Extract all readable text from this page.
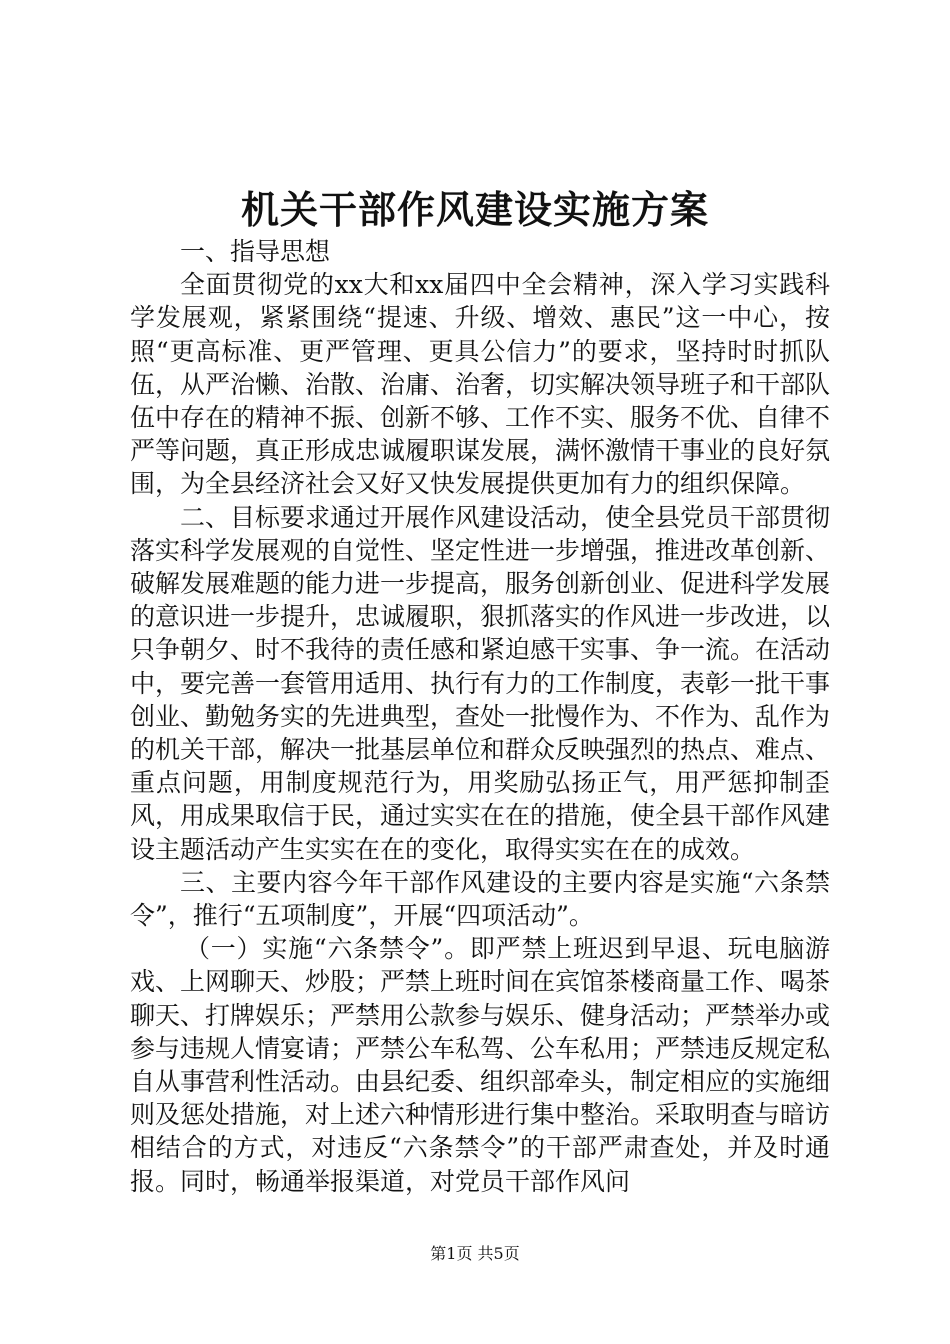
机关干部作风建设实施方案

一、指导思想

全面贯彻党的xx大和xx届四中全会精神，深入学习实践科学发展观，紧紧围绕“提速、升级、增效、惠民”这一中心，按照“更高标准、更严管理、更具公信力”的要求，坚持时时抓队伍，从严治懒、治散、治庸、治奢，切实解决领导班子和干部队伍中存在的精神不振、创新不够、工作不实、服务不优、自律不严等问题，真正形成忠诚履职谋发展，满怀激情干事业的良好氛围，为全县经济社会又好又快发展提供更加有力的组织保障。

二、目标要求通过开展作风建设活动，使全县党员干部贯彻落实科学发展观的自觉性、坚定性进一步增强，推进改革创新、破解发展难题的能力进一步提高，服务创新创业、促进科学发展的意识进一步提升，忠诚履职，狠抓落实的作风进一步改进，以只争朝夕、时不我待的责任感和紧迫感干实事、争一流。在活动中，要完善一套管用适用、执行有力的工作制度，表彰一批干事创业、勤勉务实的先进典型，查处一批慢作为、不作为、乱作为的机关干部，解决一批基层单位和群众反映强烈的热点、难点、重点问题，用制度规范行为，用奖励弘扬正气，用严惩抑制歪风，用成果取信于民，通过实实在在的措施，使全县干部作风建设主题活动产生实实在在的变化，取得实实在在的成效。

三、主要内容今年干部作风建设的主要内容是实施“六条禁令”，推行“五项制度”，开展“四项活动”。

（一）实施“六条禁令”。即严禁上班迟到早退、玩电脑游戏、上网聊天、炒股；严禁上班时间在宾馆茶楼商量工作、喝茶聊天、打牌娱乐；严禁用公款参与娱乐、健身活动；严禁举办或参与违规人情宴请；严禁公车私驾、公车私用；严禁违反规定私自从事营利性活动。由县纪委、组织部牵头，制定相应的实施细则及惩处措施，对上述六种情形进行集中整治。采取明查与暗访相结合的方式，对违反“六条禁令”的干部严肃查处，并及时通报。同时，畅通举报渠道，对党员干部作风问

第1页 共5页
